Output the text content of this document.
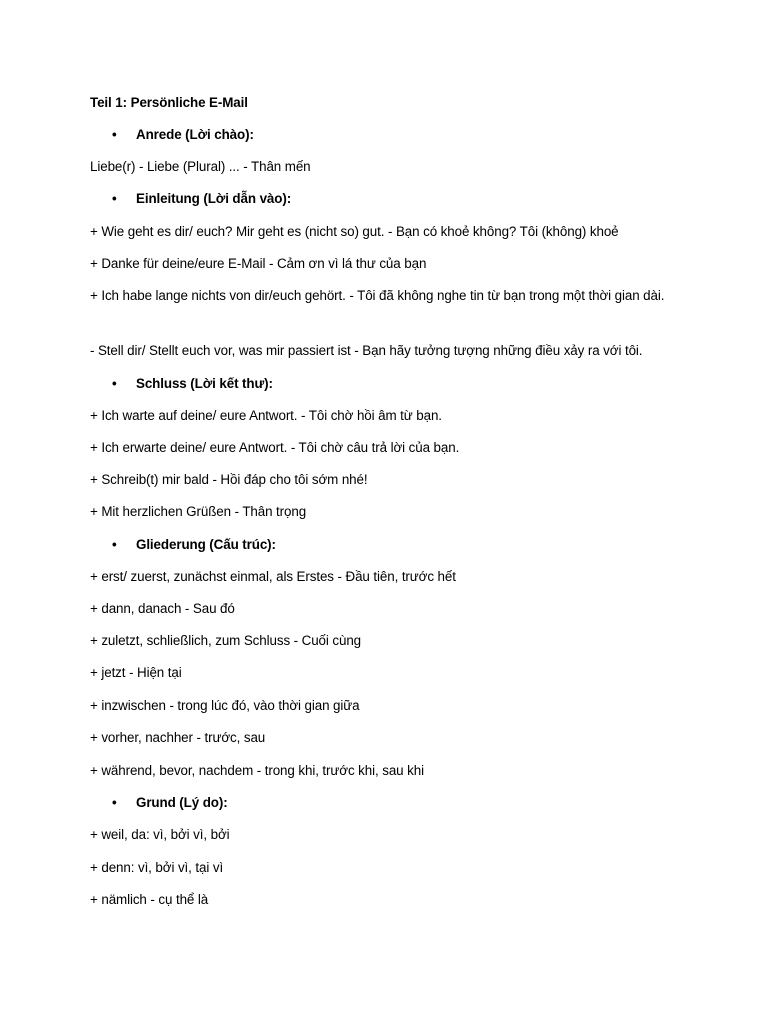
Teil 1: Persönliche E-Mail
• Anrede (Lời chào):
Liebe(r) - Liebe (Plural) ... - Thân mến
• Einleitung (Lời dẫn vào):
+ Wie geht es dir/ euch? Mir geht es (nicht so) gut. - Bạn có khoẻ không? Tôi (không) khoẻ
+ Danke für deine/eure E-Mail - Cảm ơn vì lá thư của bạn
+ Ich habe lange nichts von dir/euch gehört. - Tôi đã không nghe tin từ bạn trong một thời gian dài.
- Stell dir/ Stellt euch vor, was mir passiert ist - Bạn hãy tưởng tượng những điều xảy ra với tôi.
• Schluss (Lời kết thư):
+ Ich warte auf deine/ eure Antwort. - Tôi chờ hồi âm từ bạn.
+ Ich erwarte deine/ eure Antwort. - Tôi chờ câu trả lời của bạn.
+ Schreib(t) mir bald - Hồi đáp cho tôi sớm nhé!
+ Mit herzlichen Grüßen - Thân trọng
• Gliederung (Cấu trúc):
+ erst/ zuerst, zunächst einmal, als Erstes - Đầu tiên, trước hết
+ dann, danach - Sau đó
+ zuletzt, schließlich, zum Schluss - Cuối cùng
+ jetzt - Hiện tại
+ inzwischen - trong lúc đó, vào thời gian giữa
+ vorher, nachher - trước, sau
+ während, bevor, nachdem - trong khi, trước khi, sau khi
• Grund (Lý do):
+ weil, da: vì, bởi vì, bởi
+ denn: vì, bởi vì, tại vì
+ nämlich - cụ thể là
